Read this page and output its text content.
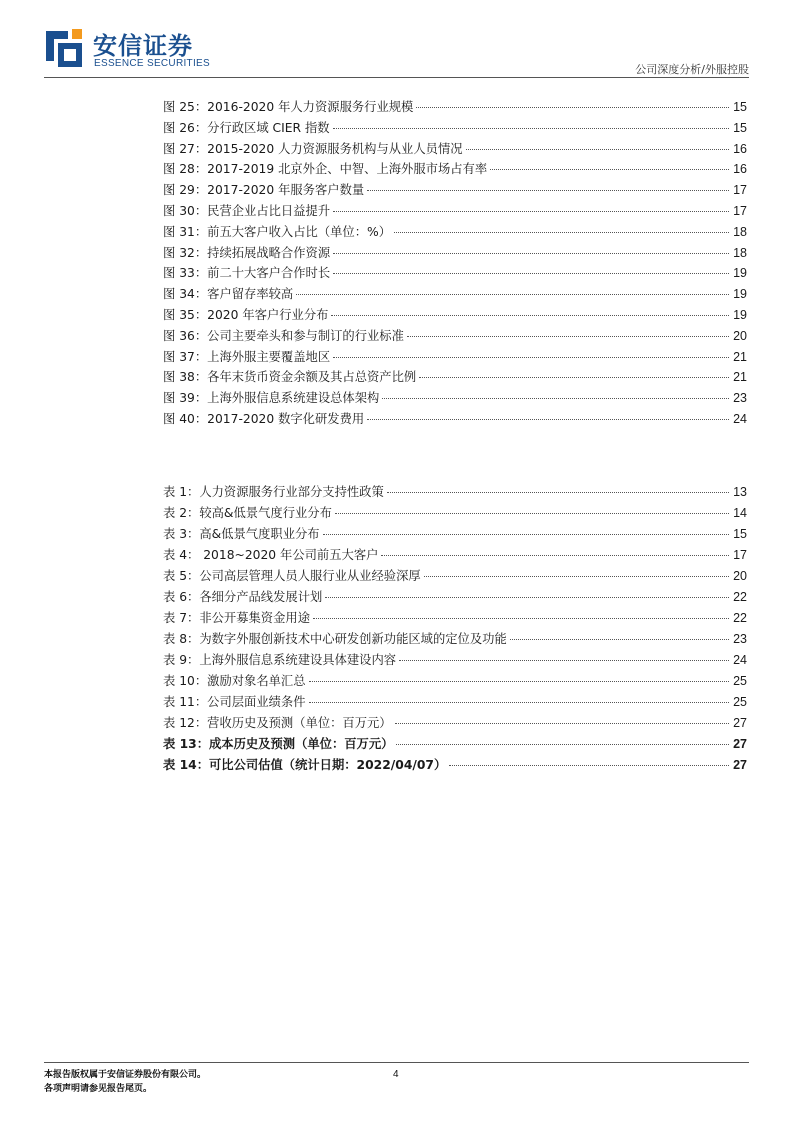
安信证券
ESSENCE SECURITIES	公司深度分析/外服控股
图 25：2016-2020 年人力资源服务行业规模	15
图 26：分行政区域 CIER 指数	15
图 27：2015-2020 人力资源服务机构与从业人员情况	16
图 28：2017-2019 北京外企、中智、上海外服市场占有率	16
图 29：2017-2020 年服务客户数量	17
图 30：民营企业占比日益提升	17
图 31：前五大客户收入占比（单位：%）	18
图 32：持续拓展战略合作资源	18
图 33：前二十大客户合作时长	19
图 34：客户留存率较高	19
图 35：2020 年客户行业分布	19
图 36：公司主要牵头和参与制订的行业标准	20
图 37：上海外服主要覆盖地区	21
图 38：各年末货币资金余额及其占总资产比例	21
图 39：上海外服信息系统建设总体架构	23
图 40：2017-2020 数字化研发费用	24
表 1：人力资源服务行业部分支持性政策	13
表 2：较高&低景气度行业分布	14
表 3：高&低景气度职业分布	15
表 4： 2018~2020 年公司前五大客户	17
表 5：公司高层管理人员人服行业从业经验深厚	20
表 6：各细分产品线发展计划	22
表 7：非公开募集资金用途	22
表 8：为数字外服创新技术中心研发创新功能区域的定位及功能	23
表 9：上海外服信息系统建设具体建设内容	24
表 10：激励对象名单汇总	25
表 11：公司层面业绩条件	25
表 12：营收历史及预测（单位：百万元）	27
表 13：成本历史及预测（单位：百万元）	27
表 14：可比公司估值（统计日期：2022/04/07）	27
本报告版权属于安信证券股份有限公司。
各项声明请参见报告尾页。
4
